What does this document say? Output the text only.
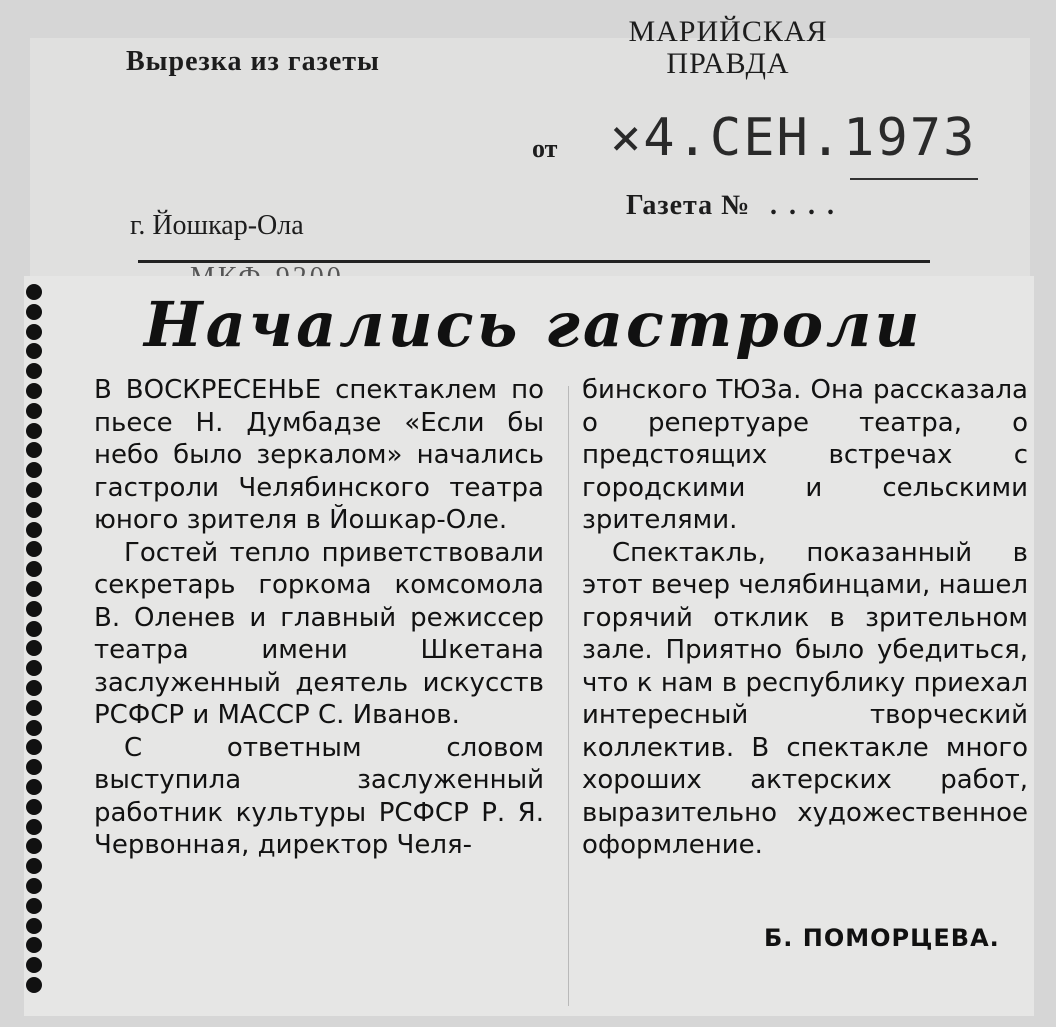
Вырезка из газеты
МАРИЙСКАЯ ПРАВДА
от ×4.СЕН.1973
г. Йошкар-Ола
Газета № ....
Начались гастроли

В ВОСКРЕСЕНЬЕ спектаклем по пьесе Н. Думбадзе «Если бы небо было зеркалом» начались гастроли Челябинского театра юного зрителя в Йошкар-Оле.

Гостей тепло приветствовали секретарь горкома комсомола В. Оленев и главный режиссер театра имени Шкетана заслуженный деятель искусств РСФСР и МАССР С. Иванов.

С ответным словом выступила заслуженный работник культуры РСФСР Р. Я. Червонная, директор Челя-

бинского ТЮЗа. Она рассказала о репертуаре театра, о предстоящих встречах с городскими и сельскими зрителями.

Спектакль, показанный в этот вечер челябинцами, нашел горячий отклик в зрительном зале. Приятно было убедиться, что к нам в республику приехал интересный творческий коллектив. В спектакле много хороших актерских работ, выразительно художественное оформление.

Б. ПОМОРЦЕВА.
